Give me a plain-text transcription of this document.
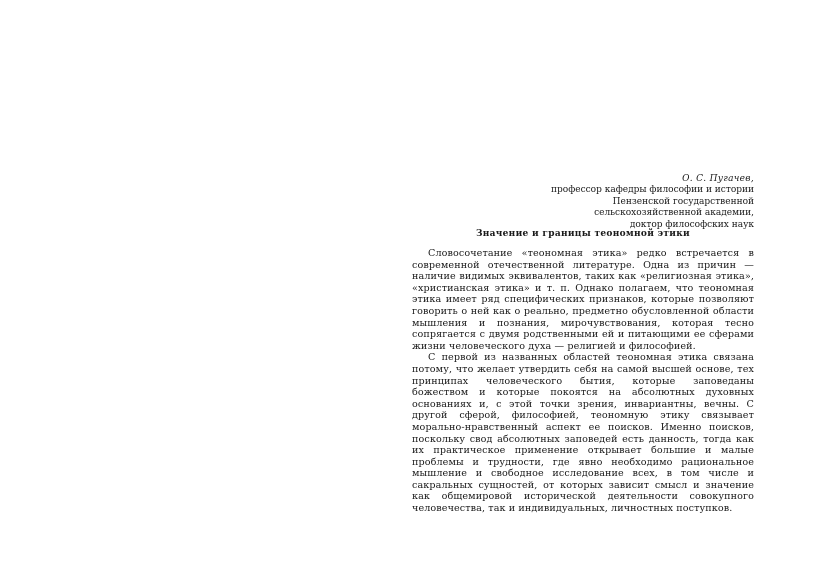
О. С. Пугачев,
профессор кафедры философии и истории
Пензенской государственной
сельскохозяйственной академии,
доктор философских наук
Значение и границы теономной этики

Словосочетание «теономная этика» редко встречается в современной отечественной литературе. Одна из причин — наличие видимых эквивалентов, таких как «религиозная этика», «христианская этика» и т. п. Однако полагаем, что теономная этика имеет ряд специфических признаков, которые позволяют говорить о ней как о реально, предметно обусловленной области мышления и познания, мирочувствования, которая тесно сопрягается с двумя родственными ей и питающими ее сферами жизни человеческого духа — религией и философией.

С первой из названных областей теономная этика связана потому, что желает утвердить себя на самой высшей основе, тех принципах человеческого бытия, которые заповеданы божеством и которые покоятся на абсолютных духовных основаниях и, с этой точки зрения, инвариантны, вечны. С другой сферой, философией, теономную этику связывает морально-нравственный аспект ее поисков. Именно поисков, поскольку свод абсолютных заповедей есть данность, тогда как их практическое применение открывает большие и малые проблемы и трудности, где явно необходимо рациональное мышление и свободное исследование всех, в том числе и сакральных сущностей, от которых зависит смысл и значение как общемировой исторической деятельности совокупного человечества, так и индивидуальных, личностных поступков.
